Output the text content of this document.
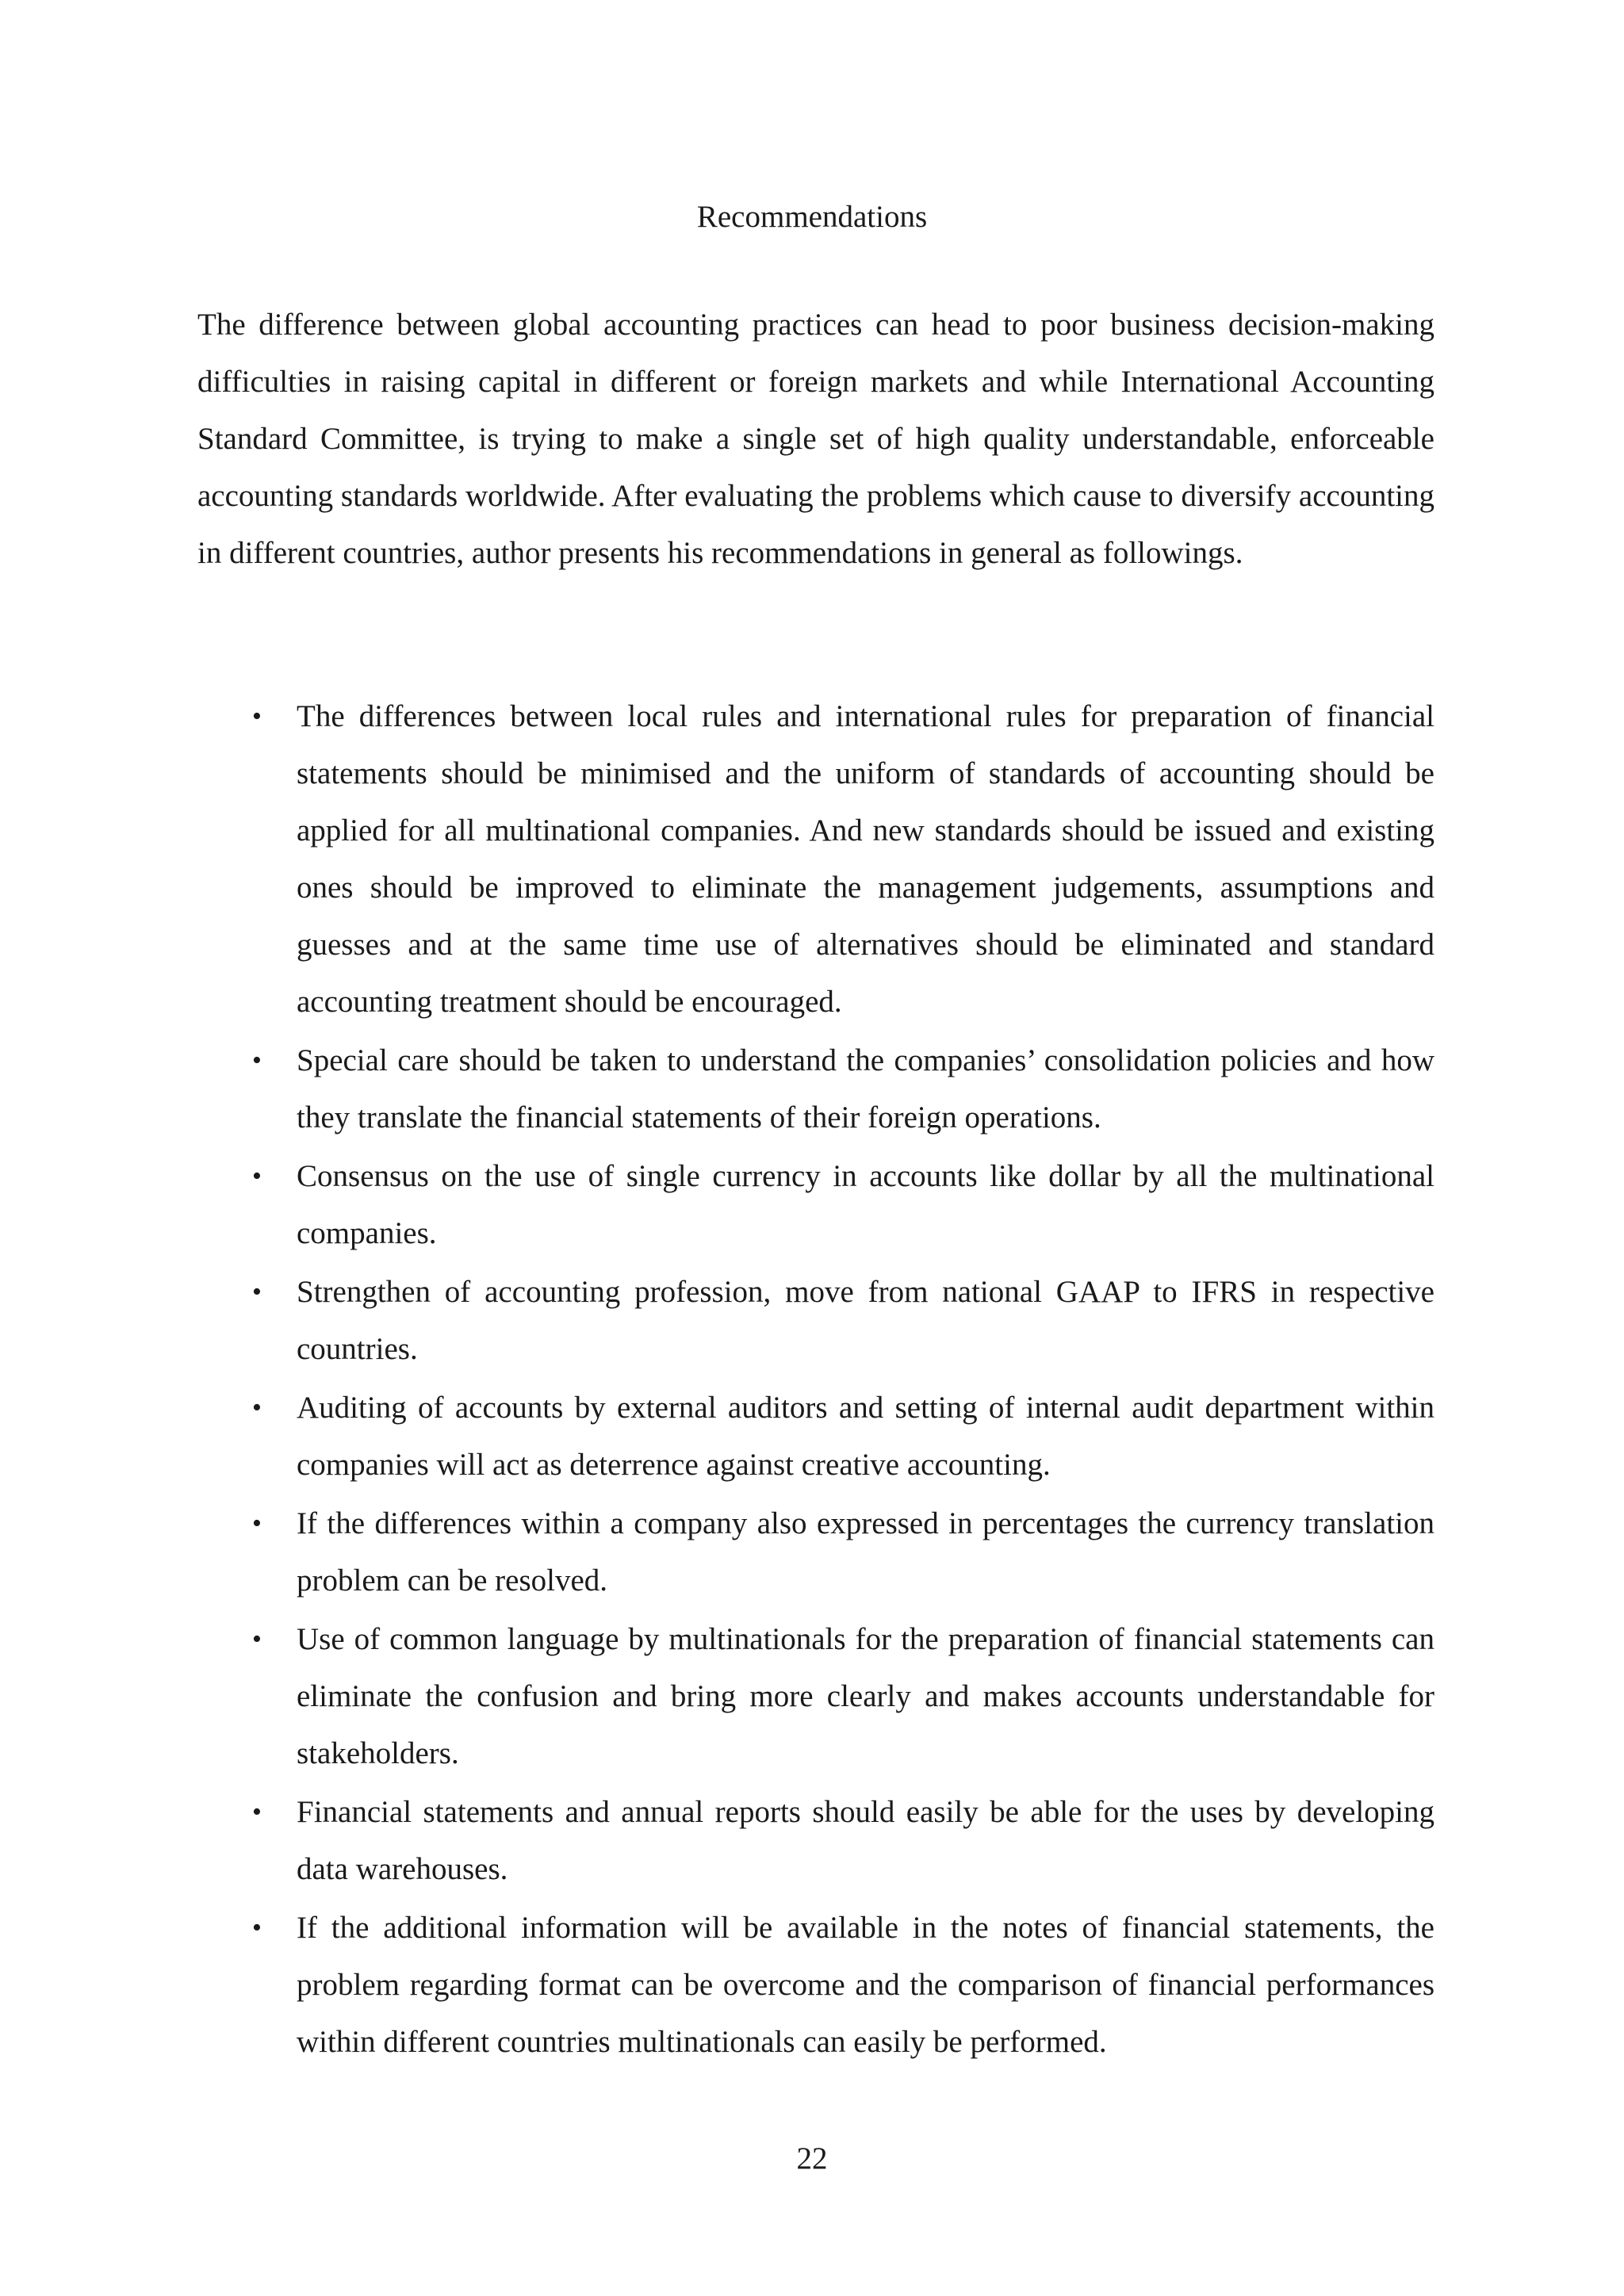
Recommendations

The difference between global accounting practices can head to poor business decision-making difficulties in raising capital in different or foreign markets and while International Accounting Standard Committee, is trying to make a single set of high quality understandable, enforceable accounting standards worldwide. After evaluating the problems which cause to diversify accounting in different countries, author presents his recommendations in general as followings.

• The differences between local rules and international rules for preparation of financial statements should be minimised and the uniform of standards of accounting should be applied for all multinational companies. And new standards should be issued and existing ones should be improved to eliminate the management judgements, assumptions and guesses and at the same time use of alternatives should be eliminated and standard accounting treatment should be encouraged.
• Special care should be taken to understand the companies’ consolidation policies and how they translate the financial statements of their foreign operations.
• Consensus on the use of single currency in accounts like dollar by all the multinational companies.
• Strengthen of accounting profession, move from national GAAP to IFRS in respective countries.
• Auditing of accounts by external auditors and setting of internal audit department within companies will act as deterrence against creative accounting.
• If the differences within a company also expressed in percentages the currency translation problem can be resolved.
• Use of common language by multinationals for the preparation of financial statements can eliminate the confusion and bring more clearly and makes accounts understandable for stakeholders.
• Financial statements and annual reports should easily be able for the uses by developing data warehouses.
• If the additional information will be available in the notes of financial statements, the problem regarding format can be overcome and the comparison of financial performances within different countries multinationals can easily be performed.
22
